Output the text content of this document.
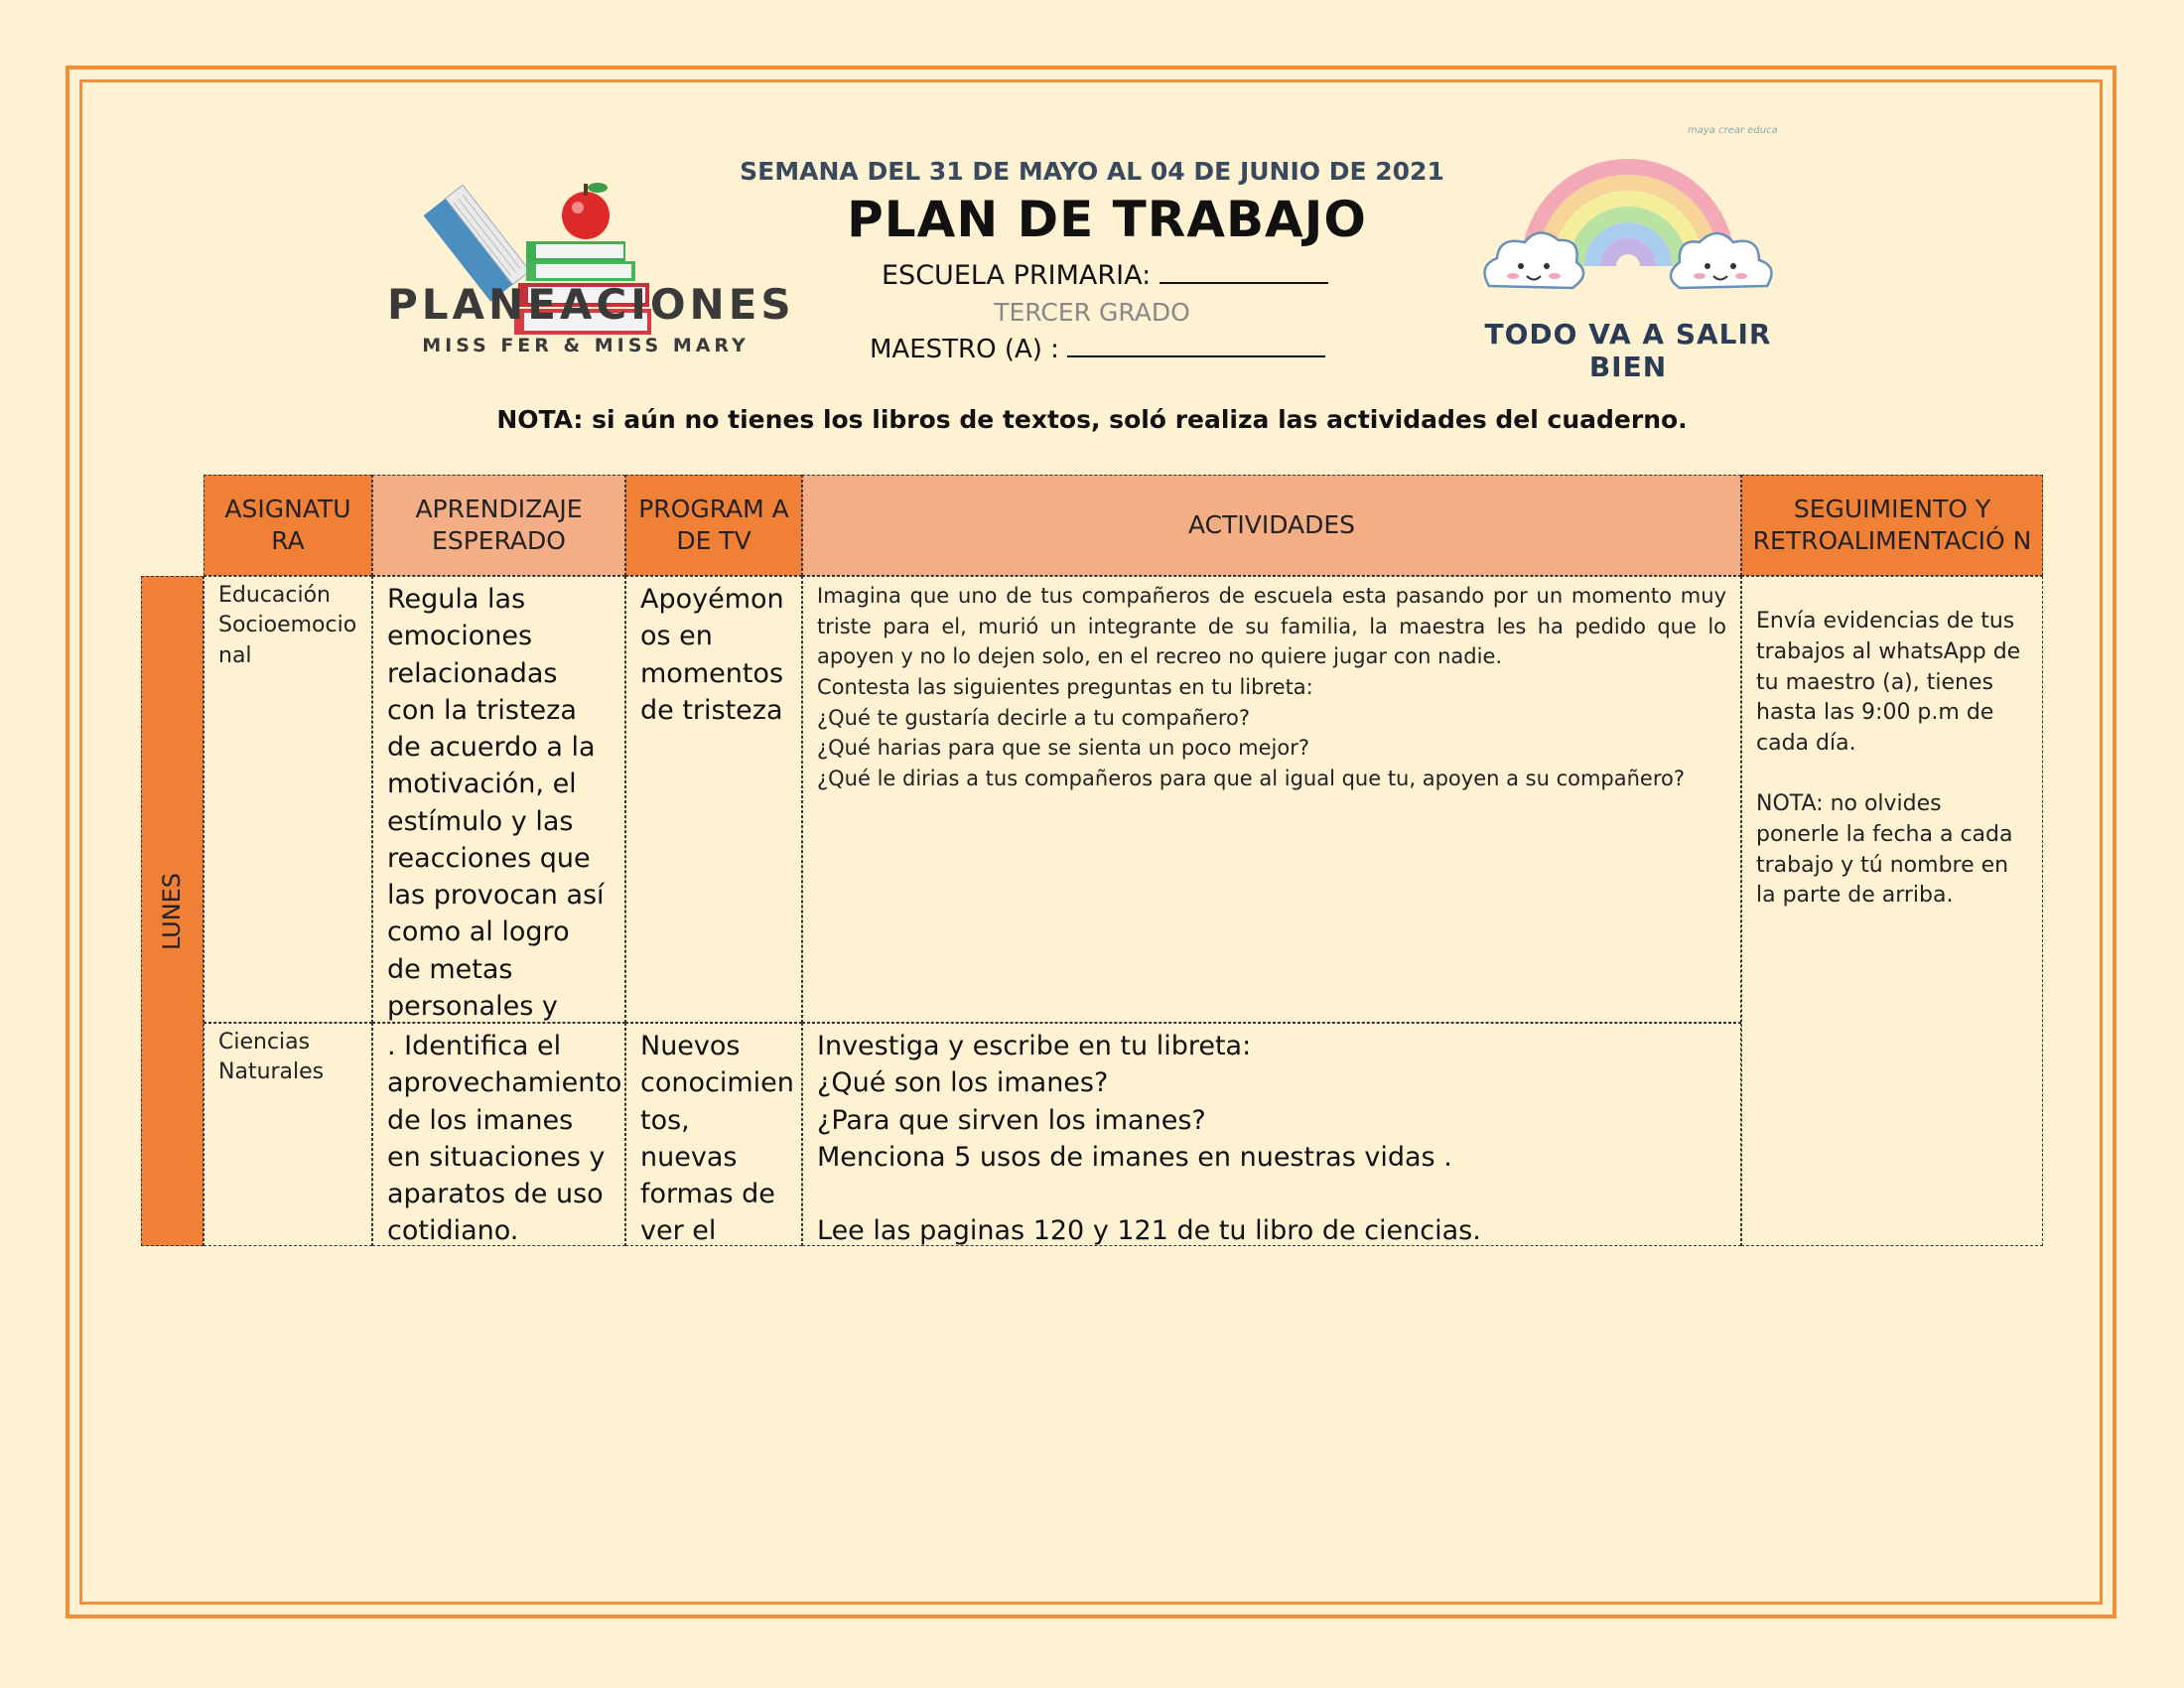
PLANEACIONES
MISS FER & MISS MARY
SEMANA DEL 31 DE MAYO AL 04 DE JUNIO DE 2021
PLAN DE TRABAJO
ESCUELA PRIMARIA:
TERCER GRADO
MAESTRO (A) :
maya crear educa
TODO VA A SALIR BIEN
NOTA: si aún no tienes los libros de textos, soló realiza las actividades del cuaderno.
ASIGNATU RA
APRENDIZAJE ESPERADO
PROGRAM A DE TV
ACTIVIDADES
SEGUIMIENTO Y RETROALIMENTACIÓ N
LUNES
Educación Socioemocio nal
Regula las emociones relacionadas con la tristeza de acuerdo a la motivación, el estímulo y las reacciones que las provocan así como al logro de metas personales y
Apoyémon os en momentos de tristeza

Imagina que uno de tus compañeros de escuela esta pasando por un momento muy triste para el, murió un integrante de su familia, la maestra les ha pedido que lo apoyen y no lo dejen solo, en el recreo no quiere jugar con nadie.

Contesta las siguientes preguntas en tu libreta:

¿Qué te gustaría decirle a tu compañero?

¿Qué harias para que se sienta un poco mejor?

¿Qué le dirias a tus compañeros para que al igual que tu, apoyen a su compañero?

Envía evidencias de tus trabajos al whatsApp de tu maestro (a), tienes hasta las 9:00 p.m de cada día.

NOTA: no olvides ponerle la fecha a cada trabajo y tú nombre en la parte de arriba.

Ciencias Naturales
. Identifica el aprovechamiento de los imanes en situaciones y aparatos de uso cotidiano.
Nuevos conocimien tos, nuevas formas de ver el

Investiga y escribe en tu libreta:

¿Qué son los imanes?

¿Para que sirven los imanes?

Menciona 5 usos de imanes en nuestras vidas .

Lee las paginas 120 y 121 de tu libro de ciencias.
